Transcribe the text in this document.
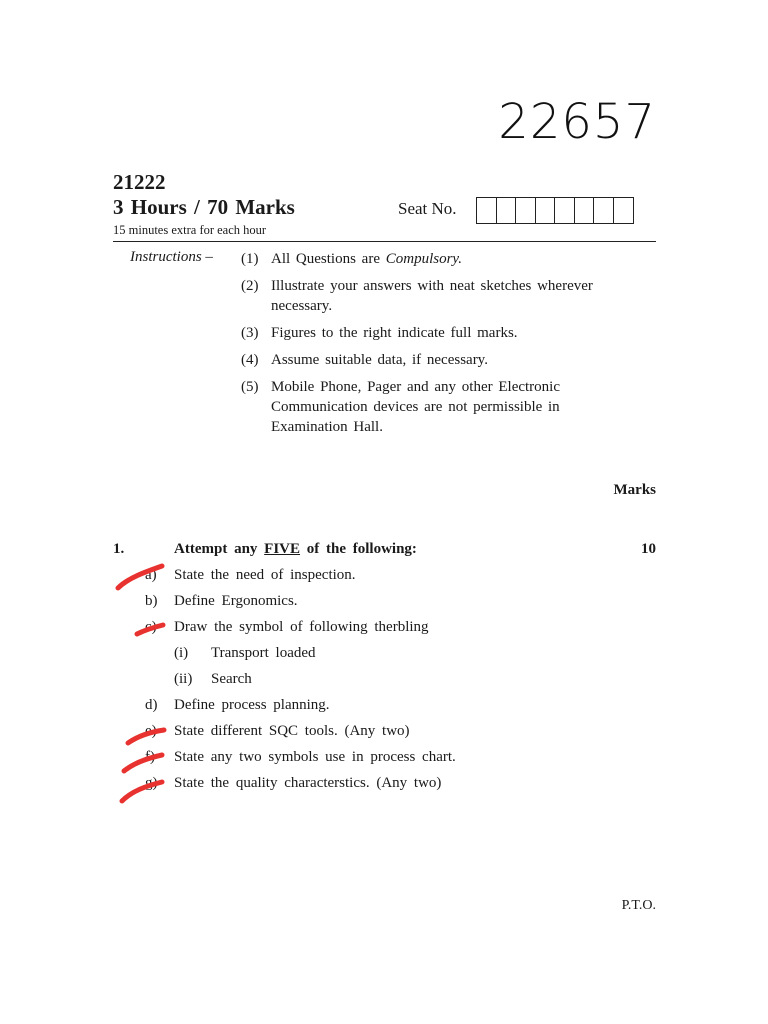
22657
21222
3 Hours / 70 Marks
15 minutes extra for each hour
Seat No.
Instructions – (1) All Questions are Compulsory.
(2) Illustrate your answers with neat sketches wherever necessary.
(3) Figures to the right indicate full marks.
(4) Assume suitable data, if necessary.
(5) Mobile Phone, Pager and any other Electronic Communication devices are not permissible in Examination Hall.
Marks
1.	Attempt any FIVE of the following:	10
a) State the need of inspection.
b) Define Ergonomics.
c) Draw the symbol of following therbling
(i) Transport loaded
(ii) Search
d) Define process planning.
e) State different SQC tools. (Any two)
f) State any two symbols use in process chart.
g) State the quality characterstics. (Any two)
P.T.O.
